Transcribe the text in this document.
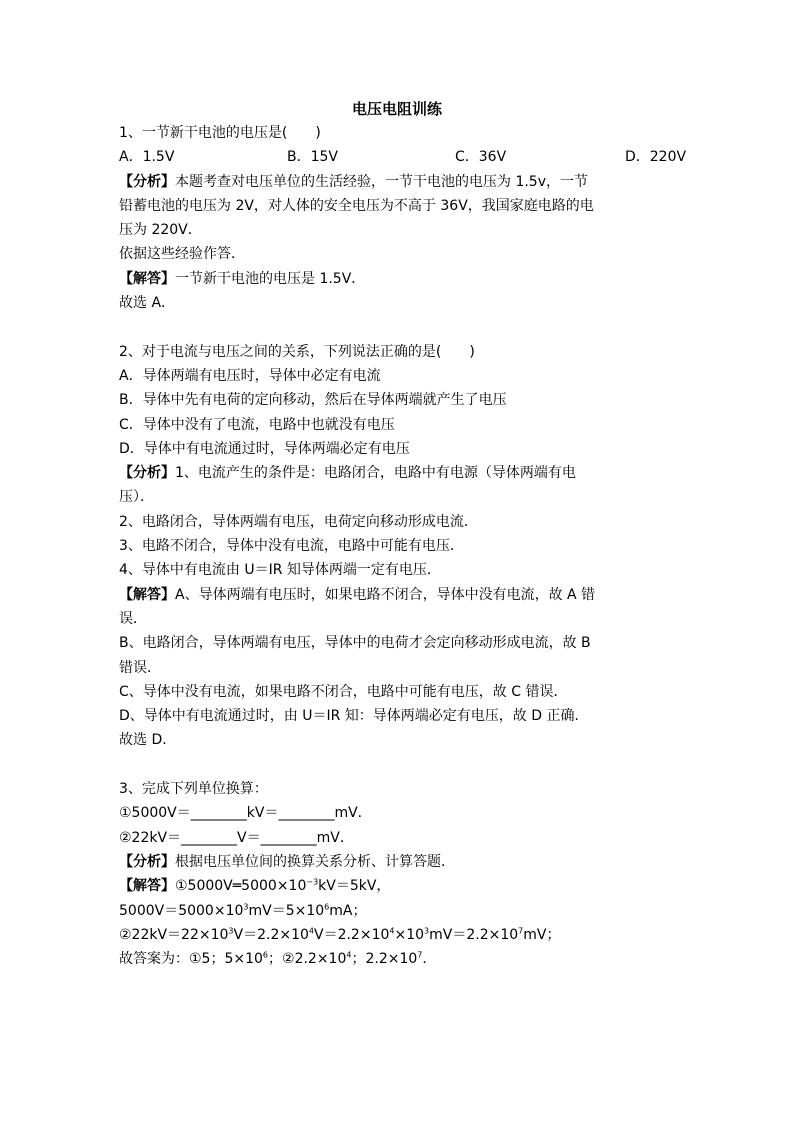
电压电阻训练
1、一节新干电池的电压是(　　)
A．1.5V	B．15V	C．36V	D．220V
【分析】本题考查对电压单位的生活经验，一节干电池的电压为 1.5v，一节
铅蓄电池的电压为 2V，对人体的安全电压为不高于 36V，我国家庭电路的电
压为 220V．
依据这些经验作答．
【解答】一节新干电池的电压是 1.5V．
故选 A．
2、对于电流与电压之间的关系，下列说法正确的是(　　)
A．导体两端有电压时，导体中必定有电流
B．导体中先有电荷的定向移动，然后在导体两端就产生了电压
C．导体中没有了电流，电路中也就没有电压
D．导体中有电流通过时，导体两端必定有电压
【分析】1、电流产生的条件是：电路闭合，电路中有电源（导体两端有电
压）．
2、电路闭合，导体两端有电压，电荷定向移动形成电流．
3、电路不闭合，导体中没有电流，电路中可能有电压．
4、导体中有电流由 U＝IR 知导体两端一定有电压．
【解答】A、导体两端有电压时，如果电路不闭合，导体中没有电流，故 A 错
误．
B、电路闭合，导体两端有电压，导体中的电荷才会定向移动形成电流，故 B
错误．
C、导体中没有电流，如果电路不闭合，电路中可能有电压，故 C 错误．
D、导体中有电流通过时，由 U＝IR 知：导体两端必定有电压，故 D 正确．
故选 D．
3、完成下列单位换算：
①5000V＝________kV＝________mV．
②22kV＝________V＝________mV．
【分析】根据电压单位间的换算关系分析、计算答题．
【解答】$①5000V═5000\times 10^{-3}kV=5kV$，
$5000V=5000\times 10^3mV=5\times 10^6mA$；
$②22kV=22\times 10^3V=2.2\times 10^4V=2.2\times 10^4\times 10^3mV=2.2\times 10^7mV$；
故答案为：①5；$5\times 10^6$；$②2.2\times 10^4$；$2.2\times 10^7$．
